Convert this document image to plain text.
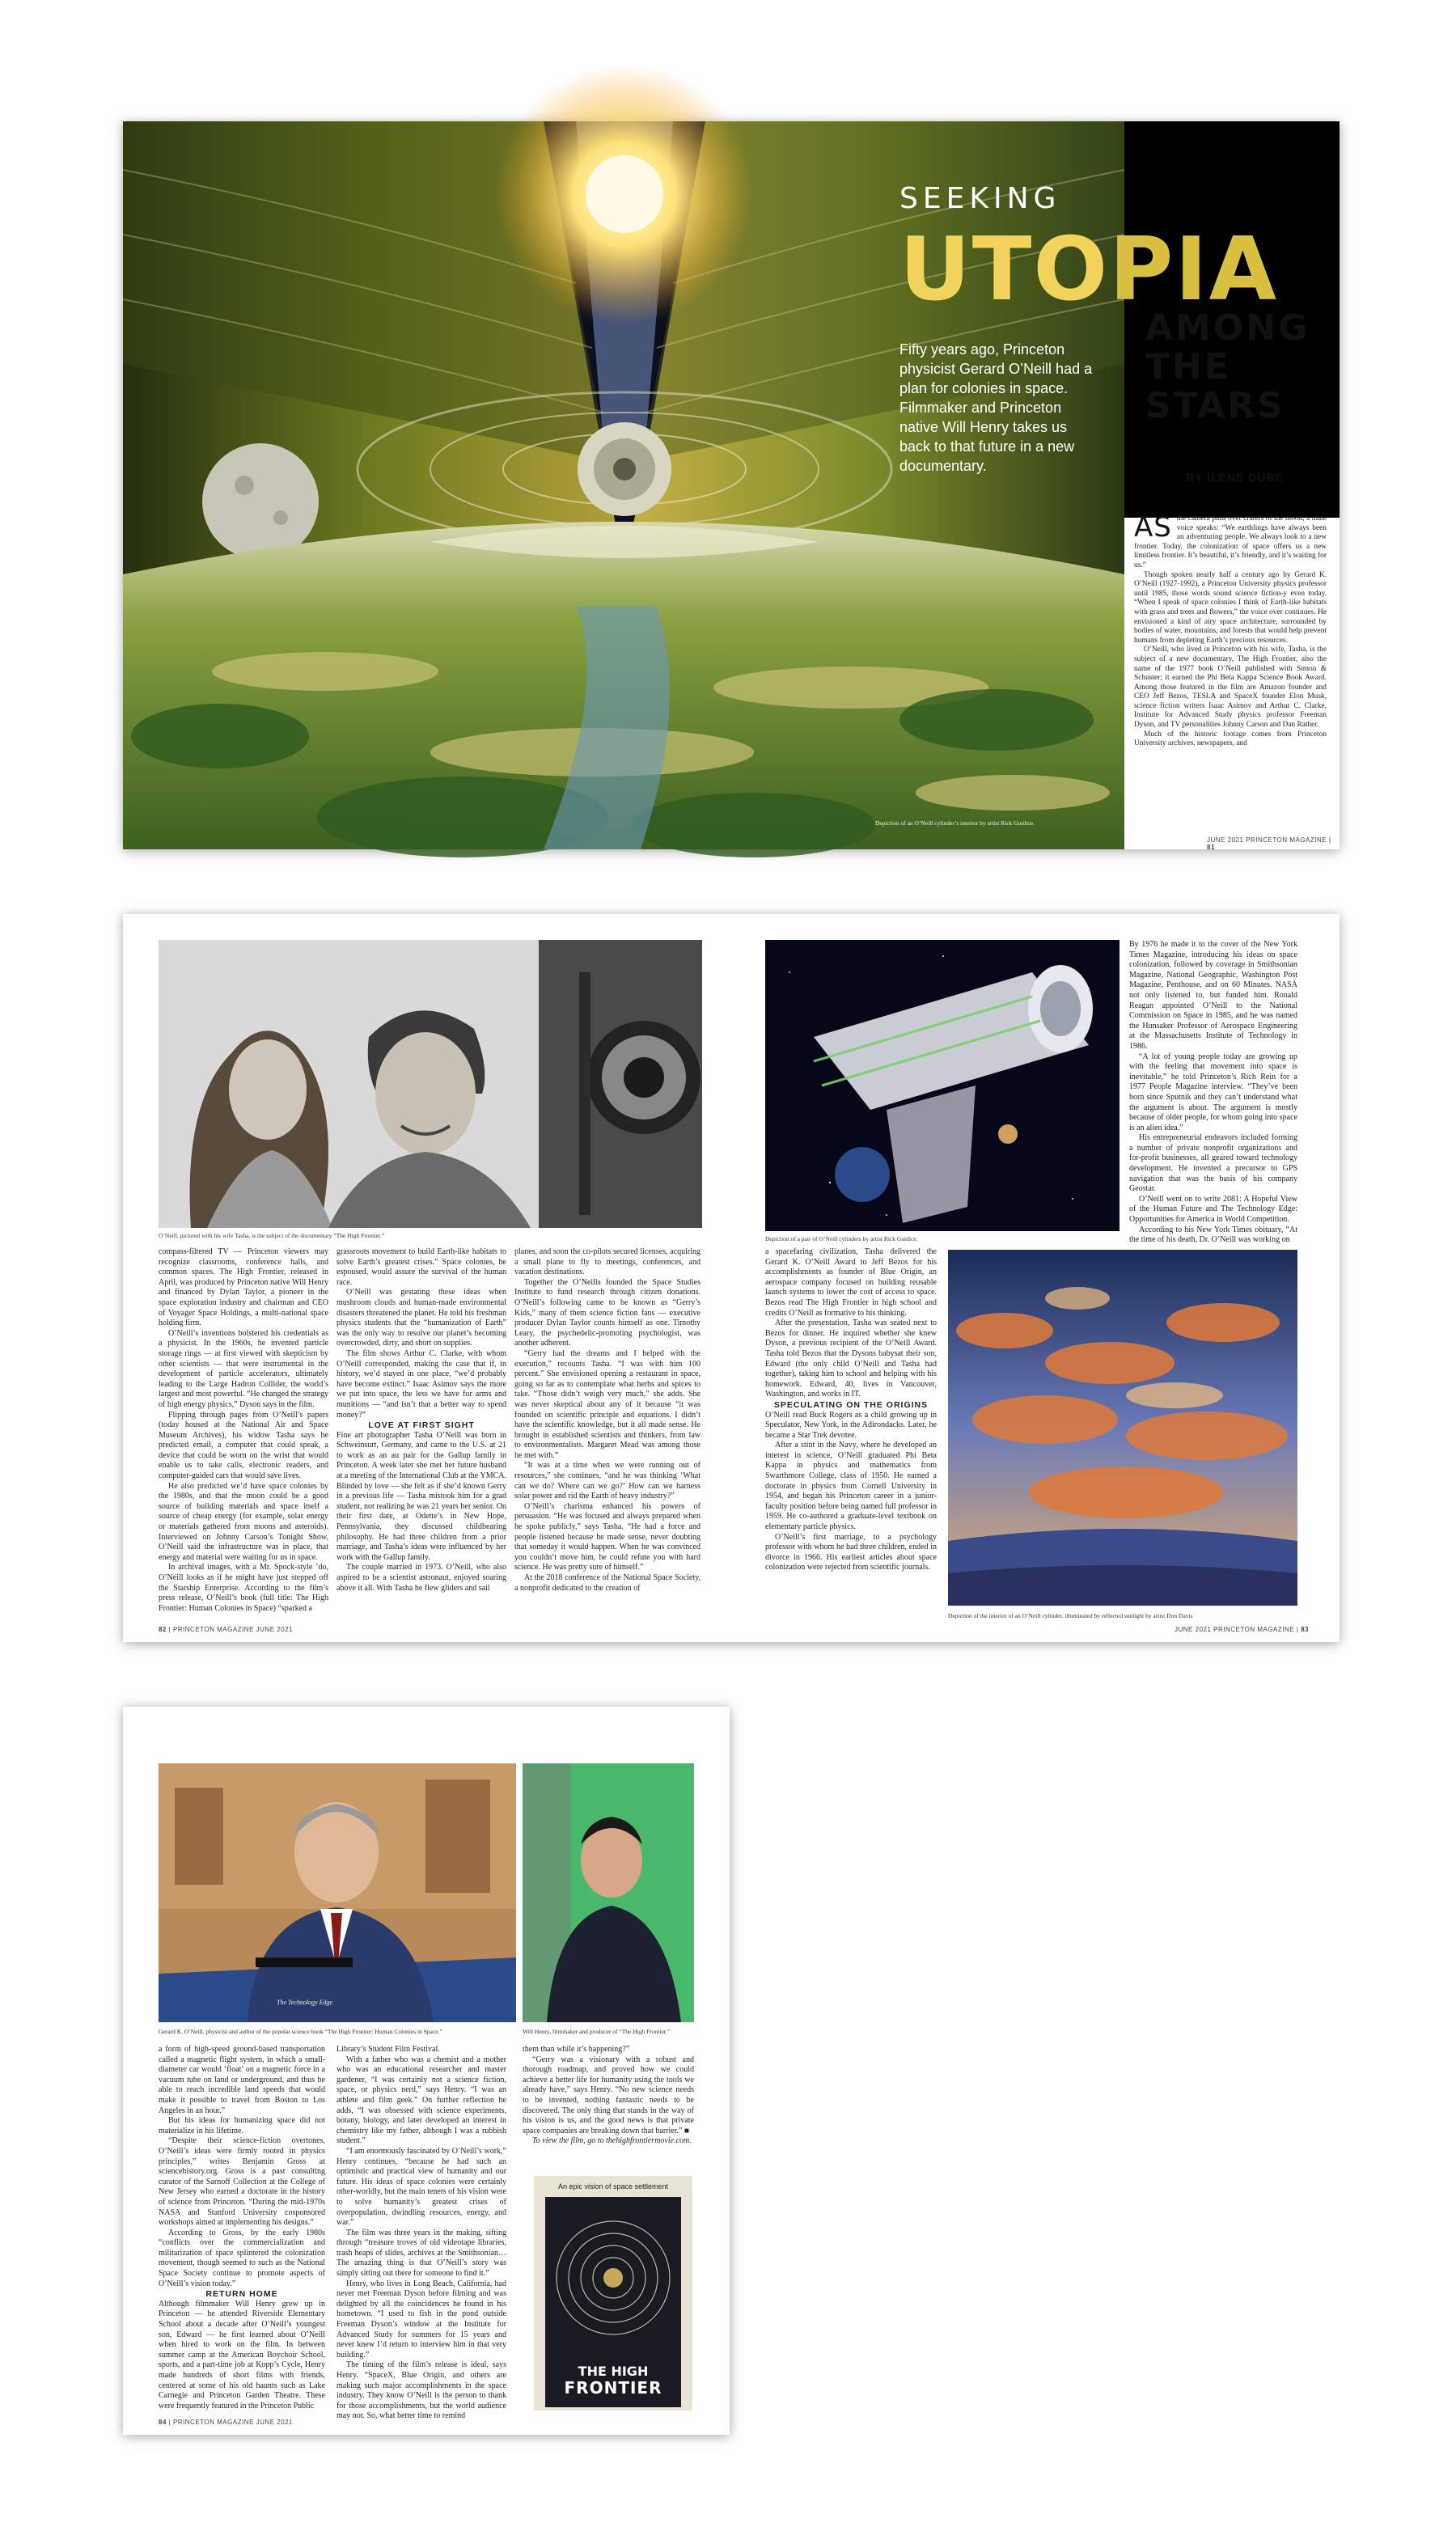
Depiction of an O’Neill cylinder’s interior by artist Rick Guidice.
SEEKING
UTOPIA
AMONG
THE
STARS
Fifty years ago, Princeton physicist Gerard O’Neill had a plan for colonies in space. Filmmaker and Princeton native Will Henry takes us back to that future in a new documentary.
BY ILENE DUBE

AS the camera pans over craters of the moon, a male voice speaks: “We earthlings have always been an adventuring people. We always look to a new frontier. Today, the colonization of space offers us a new limitless frontier. It’s beautiful, it’s friendly, and it’s waiting for us.”

Though spoken nearly half a century ago by Gerard K. O’Neill (1927-1992), a Princeton University physics professor until 1985, those words sound science fiction-y even today. “When I speak of space colonies I think of Earth-like habitats with grass and trees and flowers,” the voice over continues. He envisioned a kind of airy space architecture, surrounded by bodies of water, mountains, and forests that would help prevent humans from depleting Earth’s precious resources.

O’Neill, who lived in Princeton with his wife, Tasha, is the subject of a new documentary, The High Frontier, also the name of the 1977 book O’Neill published with Simon & Schuster; it earned the Phi Beta Kappa Science Book Award. Among those featured in the film are Amazon founder and CEO Jeff Bezos, TESLA and SpaceX founder Elon Musk, science fiction writers Isaac Asimov and Arthur C. Clarke, Institute for Advanced Study physics professor Freeman Dyson, and TV personalities Johnny Carson and Dan Rather.

Much of the historic footage comes from Princeton University archives, newspapers, and

JUNE 2021 PRINCETON MAGAZINE | 81
O’Neill, pictured with his wife Tasha, is the subject of the documentary “The High Frontier.”	Depiction of a pair of O’Neill cylinders by artist Rick Guidice.
Depiction of the interior of an O’Neill cylinder, illuminated by reflected sunlight by artist Don Davis

compass-filtered TV — Princeton viewers may recognize classrooms, conference halls, and common spaces. The High Frontier, released in April, was produced by Princeton native Will Henry and financed by Dylan Taylor, a pioneer in the space exploration industry and chairman and CEO of Voyager Space Holdings, a multi-national space holding firm.

O’Neill’s inventions bolstered his credentials as a physicist. In the 1960s, he invented particle storage rings — at first viewed with skepticism by other scientists — that were instrumental in the development of particle accelerators, ultimately leading to the Large Hadron Collider, the world’s largest and most powerful. “He changed the strategy of high energy physics,” Dyson says in the film.

Flipping through pages from O’Neill’s papers (today housed at the National Air and Space Museum Archives), his widow Tasha says he predicted email, a computer that could speak, a device that could be worn on the wrist that would enable us to take calls, electronic readers, and computer-guided cars that would save lives.

He also predicted we’d have space colonies by the 1980s, and that the moon could be a good source of building materials and space itself a source of cheap energy (for example, solar energy or materials gathered from moons and asteroids). Interviewed on Johnny Carson’s Tonight Show, O’Neill said the infrastructure was in place, that energy and material were waiting for us in space.

In archival images, with a Mr. Spock-style ’do, O’Neill looks as if he might have just stepped off the Starship Enterprise. According to the film’s press release, O’Neill’s book (full title: The High Frontier: Human Colonies in Space) “sparked a

grassroots movement to build Earth-like habitats to solve Earth’s greatest crises.” Space colonies, he espoused, would assure the survival of the human race.

O’Neill was gestating these ideas when mushroom clouds and human-made environmental disasters threatened the planet. He told his freshman physics students that the “humanization of Earth” was the only way to resolve our planet’s becoming overcrowded, dirty, and short on supplies.

The film shows Arthur C. Clarke, with whom O’Neill corresponded, making the case that if, in history, we’d stayed in one place, “we’d probably have become extinct.” Isaac Asimov says the more we put into space, the less we have for arms and munitions — “and isn’t that a better way to spend money?”

LOVE AT FIRST SIGHT

Fine art photographer Tasha O’Neill was born in Schweinsurt, Germany, and came to the U.S. at 21 to work as an au pair for the Gallup family in Princeton. A week later she met her future husband at a meeting of the International Club at the YMCA. Blinded by love — she felt as if she’d known Gerry in a previous life — Tasha mistook him for a grad student, not realizing he was 21 years her senior. On their first date, at Odette’s in New Hope, Pennsylvania, they discussed childbearing philosophy. He had three children from a prior marriage, and Tasha’s ideas were influenced by her work with the Gallup family.

The couple married in 1973. O’Neill, who also aspired to be a scientist astronaut, enjoyed soaring above it all. With Tasha he flew gliders and sail

planes, and soon the co-pilots secured licenses, acquiring a small plane to fly to meetings, conferences, and vacation destinations.

Together the O’Neills founded the Space Studies Institute to fund research through citizen donations. O’Neill’s following came to be known as “Gerry’s Kids,” many of them science fiction fans — executive producer Dylan Taylor counts himself as one. Timothy Leary, the psychedelic-promoting psychologist, was another adherent.

“Gerry had the dreams and I helped with the execution,” recounts Tasha. “I was with him 100 percent.” She envisioned opening a restaurant in space, going so far as to contemplate what herbs and spices to take. “Those didn’t weigh very much,” she adds. She was never skeptical about any of it because “it was founded on scientific principle and equations. I didn’t have the scientific knowledge, but it all made sense. He brought in established scientists and thinkers, from law to environmentalists. Margaret Mead was among those he met with.”

“It was at a time when we were running out of resources,” she continues, “and he was thinking ‘What can we do? Where can we go?’ How can we harness solar power and rid the Earth of heavy industry?”

O’Neill’s charisma enhanced his powers of persuasion. “He was focused and always prepared when he spoke publicly,” says Tasha. “He had a force and people listened because he made sense, never doubting that someday it would happen. When he was convinced you couldn’t move him, he could refute you with hard science. He was pretty sure of himself.”

At the 2018 conference of the National Space Society, a nonprofit dedicated to the creation of

a spacefaring civilization, Tasha delivered the Gerard K. O’Neill Award to Jeff Bezos for his accomplishments as founder of Blue Origin, an aerospace company focused on building reusable launch systems to lower the cost of access to space. Bezos read The High Frontier in high school and credits O’Neill as formative to his thinking.

After the presentation, Tasha was seated next to Bezos for dinner. He inquired whether she knew Dyson, a previous recipient of the O’Neill Award. Tasha told Bezos that the Dysons babysat their son, Edward (the only child O’Neill and Tasha had together), taking him to school and helping with his homework. Edward, 40, lives in Vancouver, Washington, and works in IT.

SPECULATING ON THE ORIGINS

O’Neill read Buck Rogers as a child growing up in Speculator, New York, in the Adirondacks. Later, he became a Star Trek devotee.

After a stint in the Navy, where he developed an interest in science, O’Neill graduated Phi Beta Kappa in physics and mathematics from Swarthmore College, class of 1950. He earned a doctorate in physics from Cornell University in 1954, and began his Princeton career in a junior-faculty position before being named full professor in 1959. He co-authored a graduate-level textbook on elementary particle physics.

O’Neill’s first marriage, to a psychology professor with whom he had three children, ended in divorce in 1966. His earliest articles about space colonization were rejected from scientific journals.

By 1976 he made it to the cover of the New York Times Magazine, introducing his ideas on space colonization, followed by coverage in Smithsonian Magazine, National Geographic, Washington Post Magazine, Penthouse, and on 60 Minutes. NASA not only listened to, but funded him. Ronald Reagan appointed O’Neill to the National Commission on Space in 1985, and he was named the Hunsaker Professor of Aerospace Engineering at the Massachusetts Institute of Technology in 1986.

“A lot of young people today are growing up with the feeling that movement into space is inevitable,” he told Princeton’s Rich Rein for a 1977 People Magazine interview. “They’ve been born since Sputnik and they can’t understand what the argument is about. The argument is mostly because of older people, for whom going into space is an alien idea.”

His entrepreneurial endeavors included forming a number of private nonprofit organizations and for-profit businesses, all geared toward technology development. He invented a precursor to GPS navigation that was the basis of his company Geostar.

O’Neill went on to write 2081: A Hopeful View of the Human Future and The Technology Edge: Opportunities for America in World Competition.

According to his New York Times obituary, “At the time of his death, Dr. O’Neill was working on

82 | PRINCETON MAGAZINE JUNE 2021	JUNE 2021 PRINCETON MAGAZINE | 83
The Technology Edge
Gerard K. O’Neill, physicist and author of the popular science book “The High Frontier: Human Colonies in Space.”	Will Henry, filmmaker and producer of “The High Frontier.”

a form of high-speed ground-based transportation called a magnetic flight system, in which a small-diameter car would ‘float’ on a magnetic force in a vacuum tube on land or underground, and thus be able to reach incredible land speeds that would make it possible to travel from Boston to Los Angeles in an hour.”

But his ideas for humanizing space did not materialize in his lifetime.

“Despite their science-fiction overtones, O’Neill’s ideas were firmly rooted in physics principles,” writes Benjamin Gross at sciencehistory.org. Gross is a past consulting curator of the Sarnoff Collection at the College of New Jersey who earned a doctorate in the history of science from Princeton. “During the mid-1970s NASA and Stanford University cosponsored workshops aimed at implementing his designs.”

According to Gross, by the early 1980s “conflicts over the commercialization and militarization of space splintered the colonization movement, though seemed to such as the National Space Society continue to promote aspects of O’Neill’s vision today.”

RETURN HOME

Although filmmaker Will Henry grew up in Princeton — he attended Riverside Elementary School about a decade after O’Neill’s youngest son, Edward — he first learned about O’Neill when hired to work on the film. In between summer camp at the American Boychoir School, sports, and a part-time job at Kopp’s Cycle, Henry made hundreds of short films with friends, centered at some of his old haunts such as Lake Carnegie and Princeton Garden Theatre. These were frequently featured in the Princeton Public

Library’s Student Film Festival.

With a father who was a chemist and a mother who was an educational researcher and master gardener, “I was certainly not a science fiction, space, or physics nerd,” says Henry. “I was an athlete and film geek.” On further reflection he adds, “I was obsessed with science experiments, botany, biology, and later developed an interest in chemistry like my father, although I was a rubbish student.”

“I am enormously fascinated by O’Neill’s work,” Henry continues, “because he had such an optimistic and practical view of humanity and our future. His ideas of space colonies were certainly other-worldly, but the main tenets of his vision were to solve humanity’s greatest crises of overpopulation, dwindling resources, energy, and war.”

The film was three years in the making, sifting through “treasure troves of old videotape libraries, trash heaps of slides, archives at the Smithsonian… The amazing thing is that O’Neill’s story was simply sitting out there for someone to find it.”

Henry, who lives in Long Beach, California, had never met Freeman Dyson before filming and was delighted by all the coincidences he found in his hometown. “I used to fish in the pond outside Freeman Dyson’s window at the Institute for Advanced Study for summers for 15 years and never knew I’d return to interview him in that very building.”

The timing of the film’s release is ideal, says Henry. “SpaceX, Blue Origin, and others are making such major accomplishments in the space industry. They know O’Neill is the person to thank for those accomplishments, but the world audience may not. So, what better time to remind

them than while it’s happening?”

“Gerry was a visionary with a robust and thorough roadmap, and proved how we could achieve a better life for humanity using the tools we already have,” says Henry. “No new science needs to be invented, nothing fantastic needs to be discovered. The only thing that stands in the way of his vision is us, and the good news is that private space companies are breaking down that barrier.” ■

To view the film, go to thehighfrontiermovie.com.

An epic vision of space settlement
THE HIGH
FRONTIER
84 | PRINCETON MAGAZINE JUNE 2021
